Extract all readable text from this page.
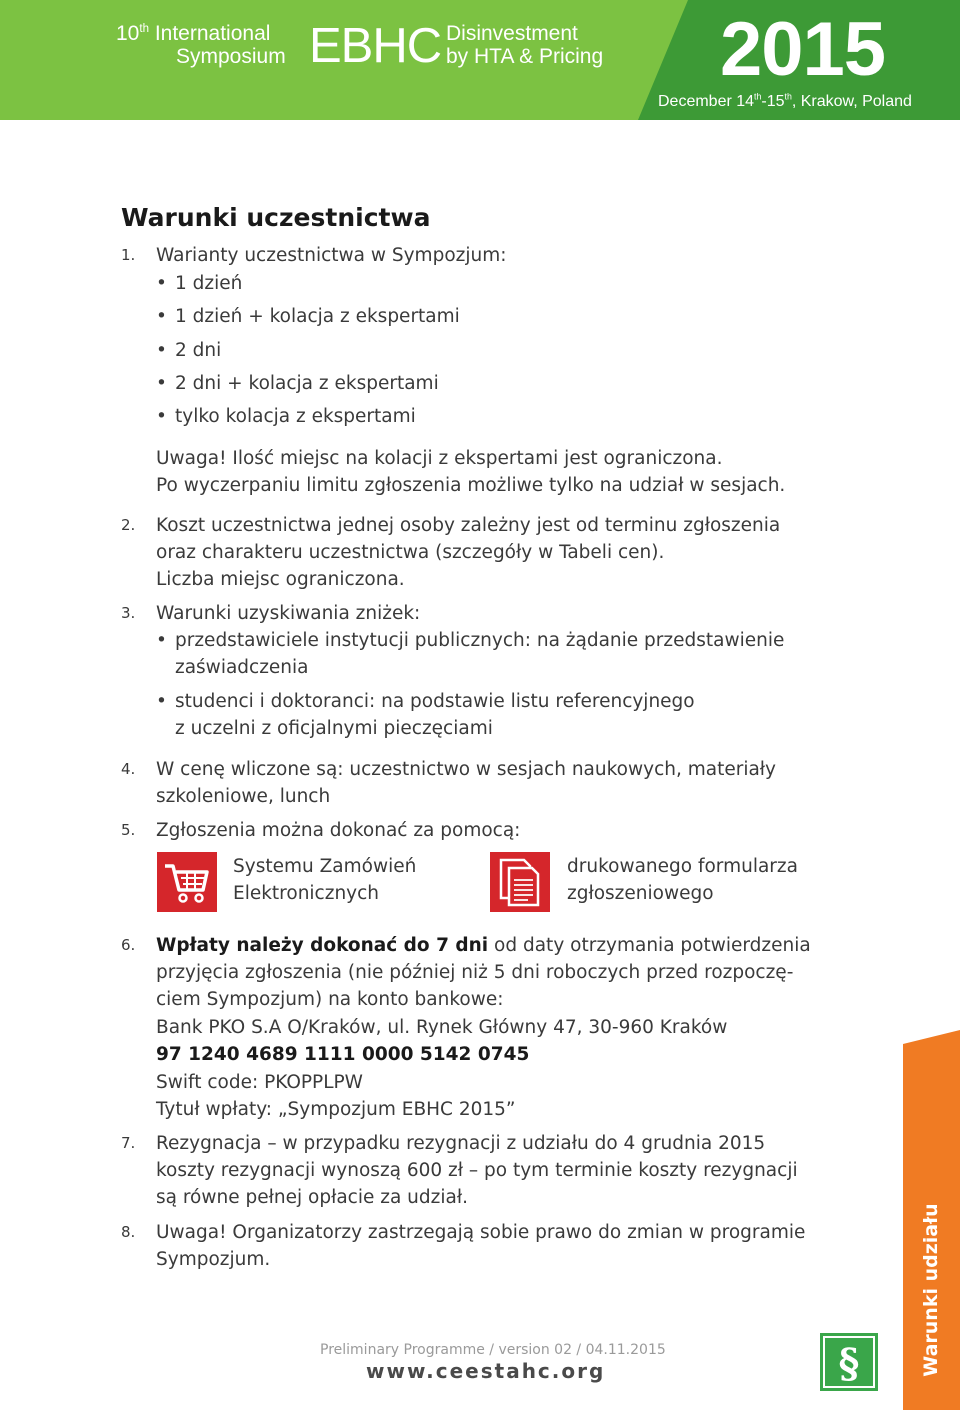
10th International
Symposium EBHC Disinvestment
by HTA & Pricing 2015
December 14th-15th, Krakow, Poland
Warunki uczestnictwa
1. Warianty uczestnictwa w Sympozjum:
• 1 dzień
• 1 dzień + kolacja z ekspertami
• 2 dni
• 2 dni + kolacja z ekspertami
• tylko kolacja z ekspertami
Uwaga! Ilość miejsc na kolacji z ekspertami jest ograniczona.
Po wyczerpaniu limitu zgłoszenia możliwe tylko na udział w sesjach.
2. Koszt uczestnictwa jednej osoby zależny jest od terminu zgłoszenia
oraz charakteru uczestnictwa (szczegóły w Tabeli cen).
Liczba miejsc ograniczona.
3. Warunki uzyskiwania zniżek:
• przedstawiciele instytucji publicznych: na żądanie przedstawienie
zaświadczenia
• studenci i doktoranci: na podstawie listu referencyjnego
z uczelni z oficjalnymi pieczęciami
4. W cenę wliczone są: uczestnictwo w sesjach naukowych, materiały
szkoleniowe, lunch
5. Zgłoszenia można dokonać za pomocą:
Systemu Zamówień
Elektronicznych
drukowanego formularza
zgłoszeniowego
6. Wpłaty należy dokonać do 7 dni od daty otrzymania potwierdzenia
przyjęcia zgłoszenia (nie później niż 5 dni roboczych przed rozpoczę-
ciem Sympozjum) na konto bankowe:
Bank PKO S.A O/Kraków, ul. Rynek Główny 47, 30-960 Kraków
97 1240 4689 1111 0000 5142 0745
Swift code: PKOPPLPW
Tytuł wpłaty: „Sympozjum EBHC 2015”
7. Rezygnacja – w przypadku rezygnacji z udziału do 4 grudnia 2015
koszty rezygnacji wynoszą 600 zł – po tym terminie koszty rezygnacji
są równe pełnej opłacie za udział.
8. Uwaga! Organizatorzy zastrzegają sobie prawo do zmian w programie
Sympozjum.
Preliminary Programme / version 02 / 04.11.2015
www.ceestahc.org	§	Warunki udziału
